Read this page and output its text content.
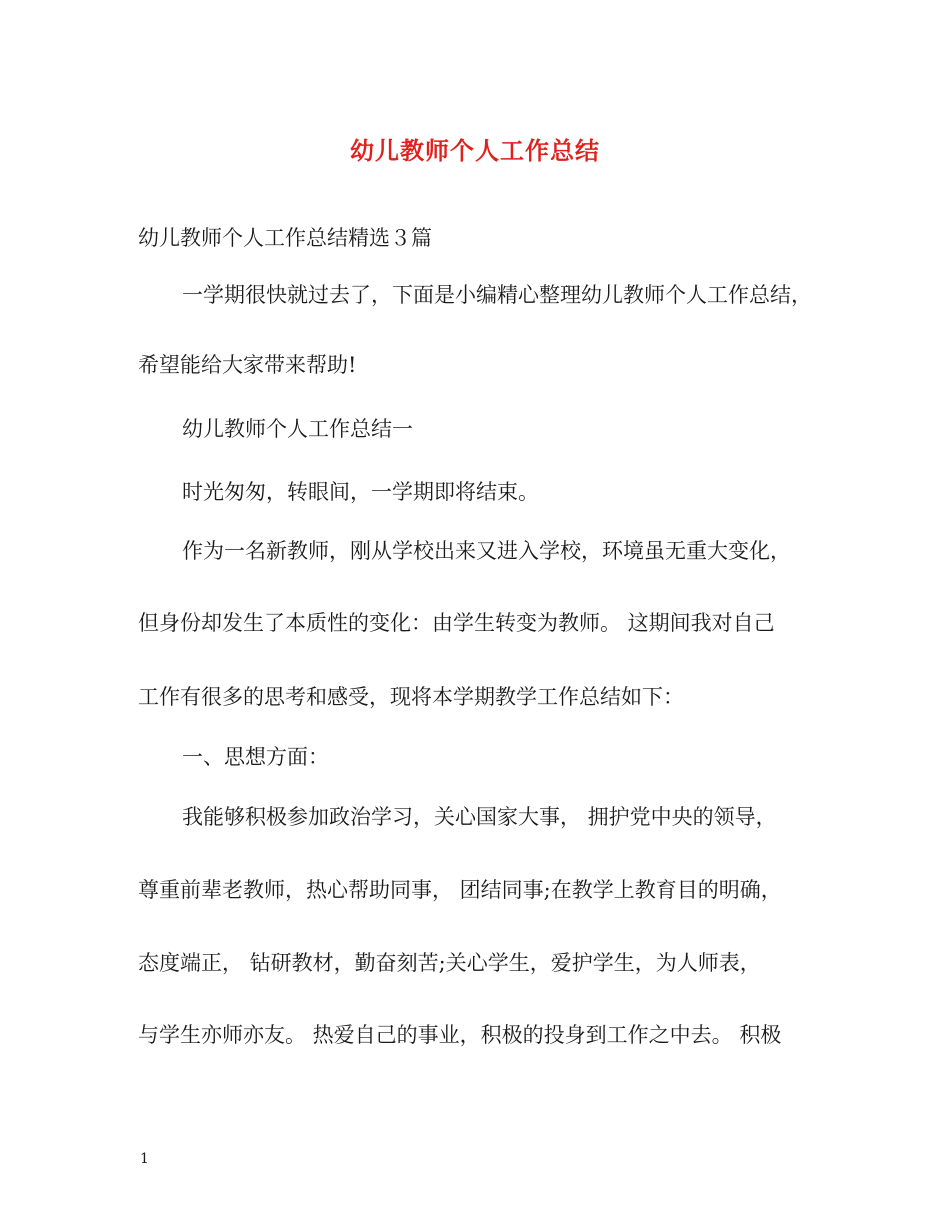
幼儿教师个人工作总结
幼儿教师个人工作总结精选３篇
一学期很快就过去了，下面是小编精心整理幼儿教师个人工作总结，
希望能给大家带来帮助!
幼儿教师个人工作总结一
时光匆匆，转眼间，一学期即将结束。
作为一名新教师，刚从学校出来又进入学校，环境虽无重大变化，
但身份却发生了本质性的变化：由学生转变为教师。 这期间我对自己
工作有很多的思考和感受，现将本学期教学工作总结如下：
一、思想方面：
我能够积极参加政治学习，关心国家大事， 拥护党中央的领导，
尊重前辈老教师，热心帮助同事， 团结同事;在教学上教育目的明确，
态度端正， 钻研教材，勤奋刻苦;关心学生，爱护学生，为人师表，
与学生亦师亦友。 热爱自己的事业，积极的投身到工作之中去。 积极
1
